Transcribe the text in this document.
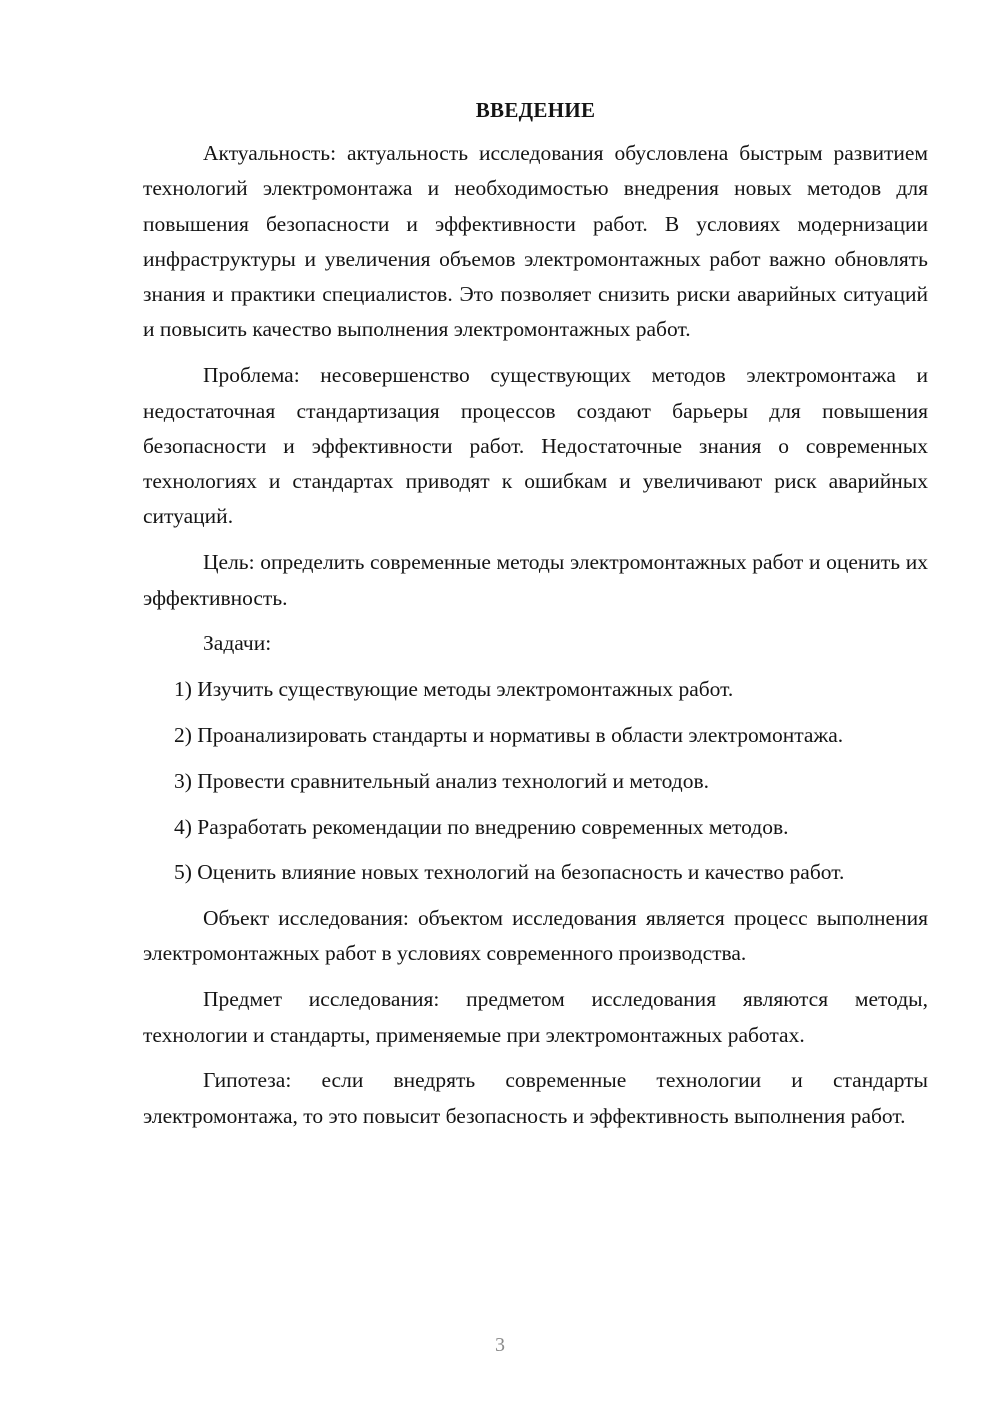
ВВЕДЕНИЕ

Актуальность: актуальность исследования обусловлена быстрым развитием технологий электромонтажа и необходимостью внедрения новых методов для повышения безопасности и эффективности работ. В условиях модернизации инфраструктуры и увеличения объемов электромонтажных работ важно обновлять знания и практики специалистов. Это позволяет снизить риски аварийных ситуаций и повысить качество выполнения электромонтажных работ.

Проблема: несовершенство существующих методов электромонтажа и недостаточная стандартизация процессов создают барьеры для повышения безопасности и эффективности работ. Недостаточные знания о современных технологиях и стандартах приводят к ошибкам и увеличивают риск аварийных ситуаций.

Цель: определить современные методы электромонтажных работ и оценить их эффективность.

Задачи:

1) Изучить существующие методы электромонтажных работ.

2) Проанализировать стандарты и нормативы в области электромонтажа.

3) Провести сравнительный анализ технологий и методов.

4) Разработать рекомендации по внедрению современных методов.

5) Оценить влияние новых технологий на безопасность и качество работ.

Объект исследования: объектом исследования является процесс выполнения электромонтажных работ в условиях современного производства.

Предмет исследования: предметом исследования являются методы, технологии и стандарты, применяемые при электромонтажных работах.

Гипотеза: если внедрять современные технологии и стандарты электромонтажа, то это повысит безопасность и эффективность выполнения работ.

3
